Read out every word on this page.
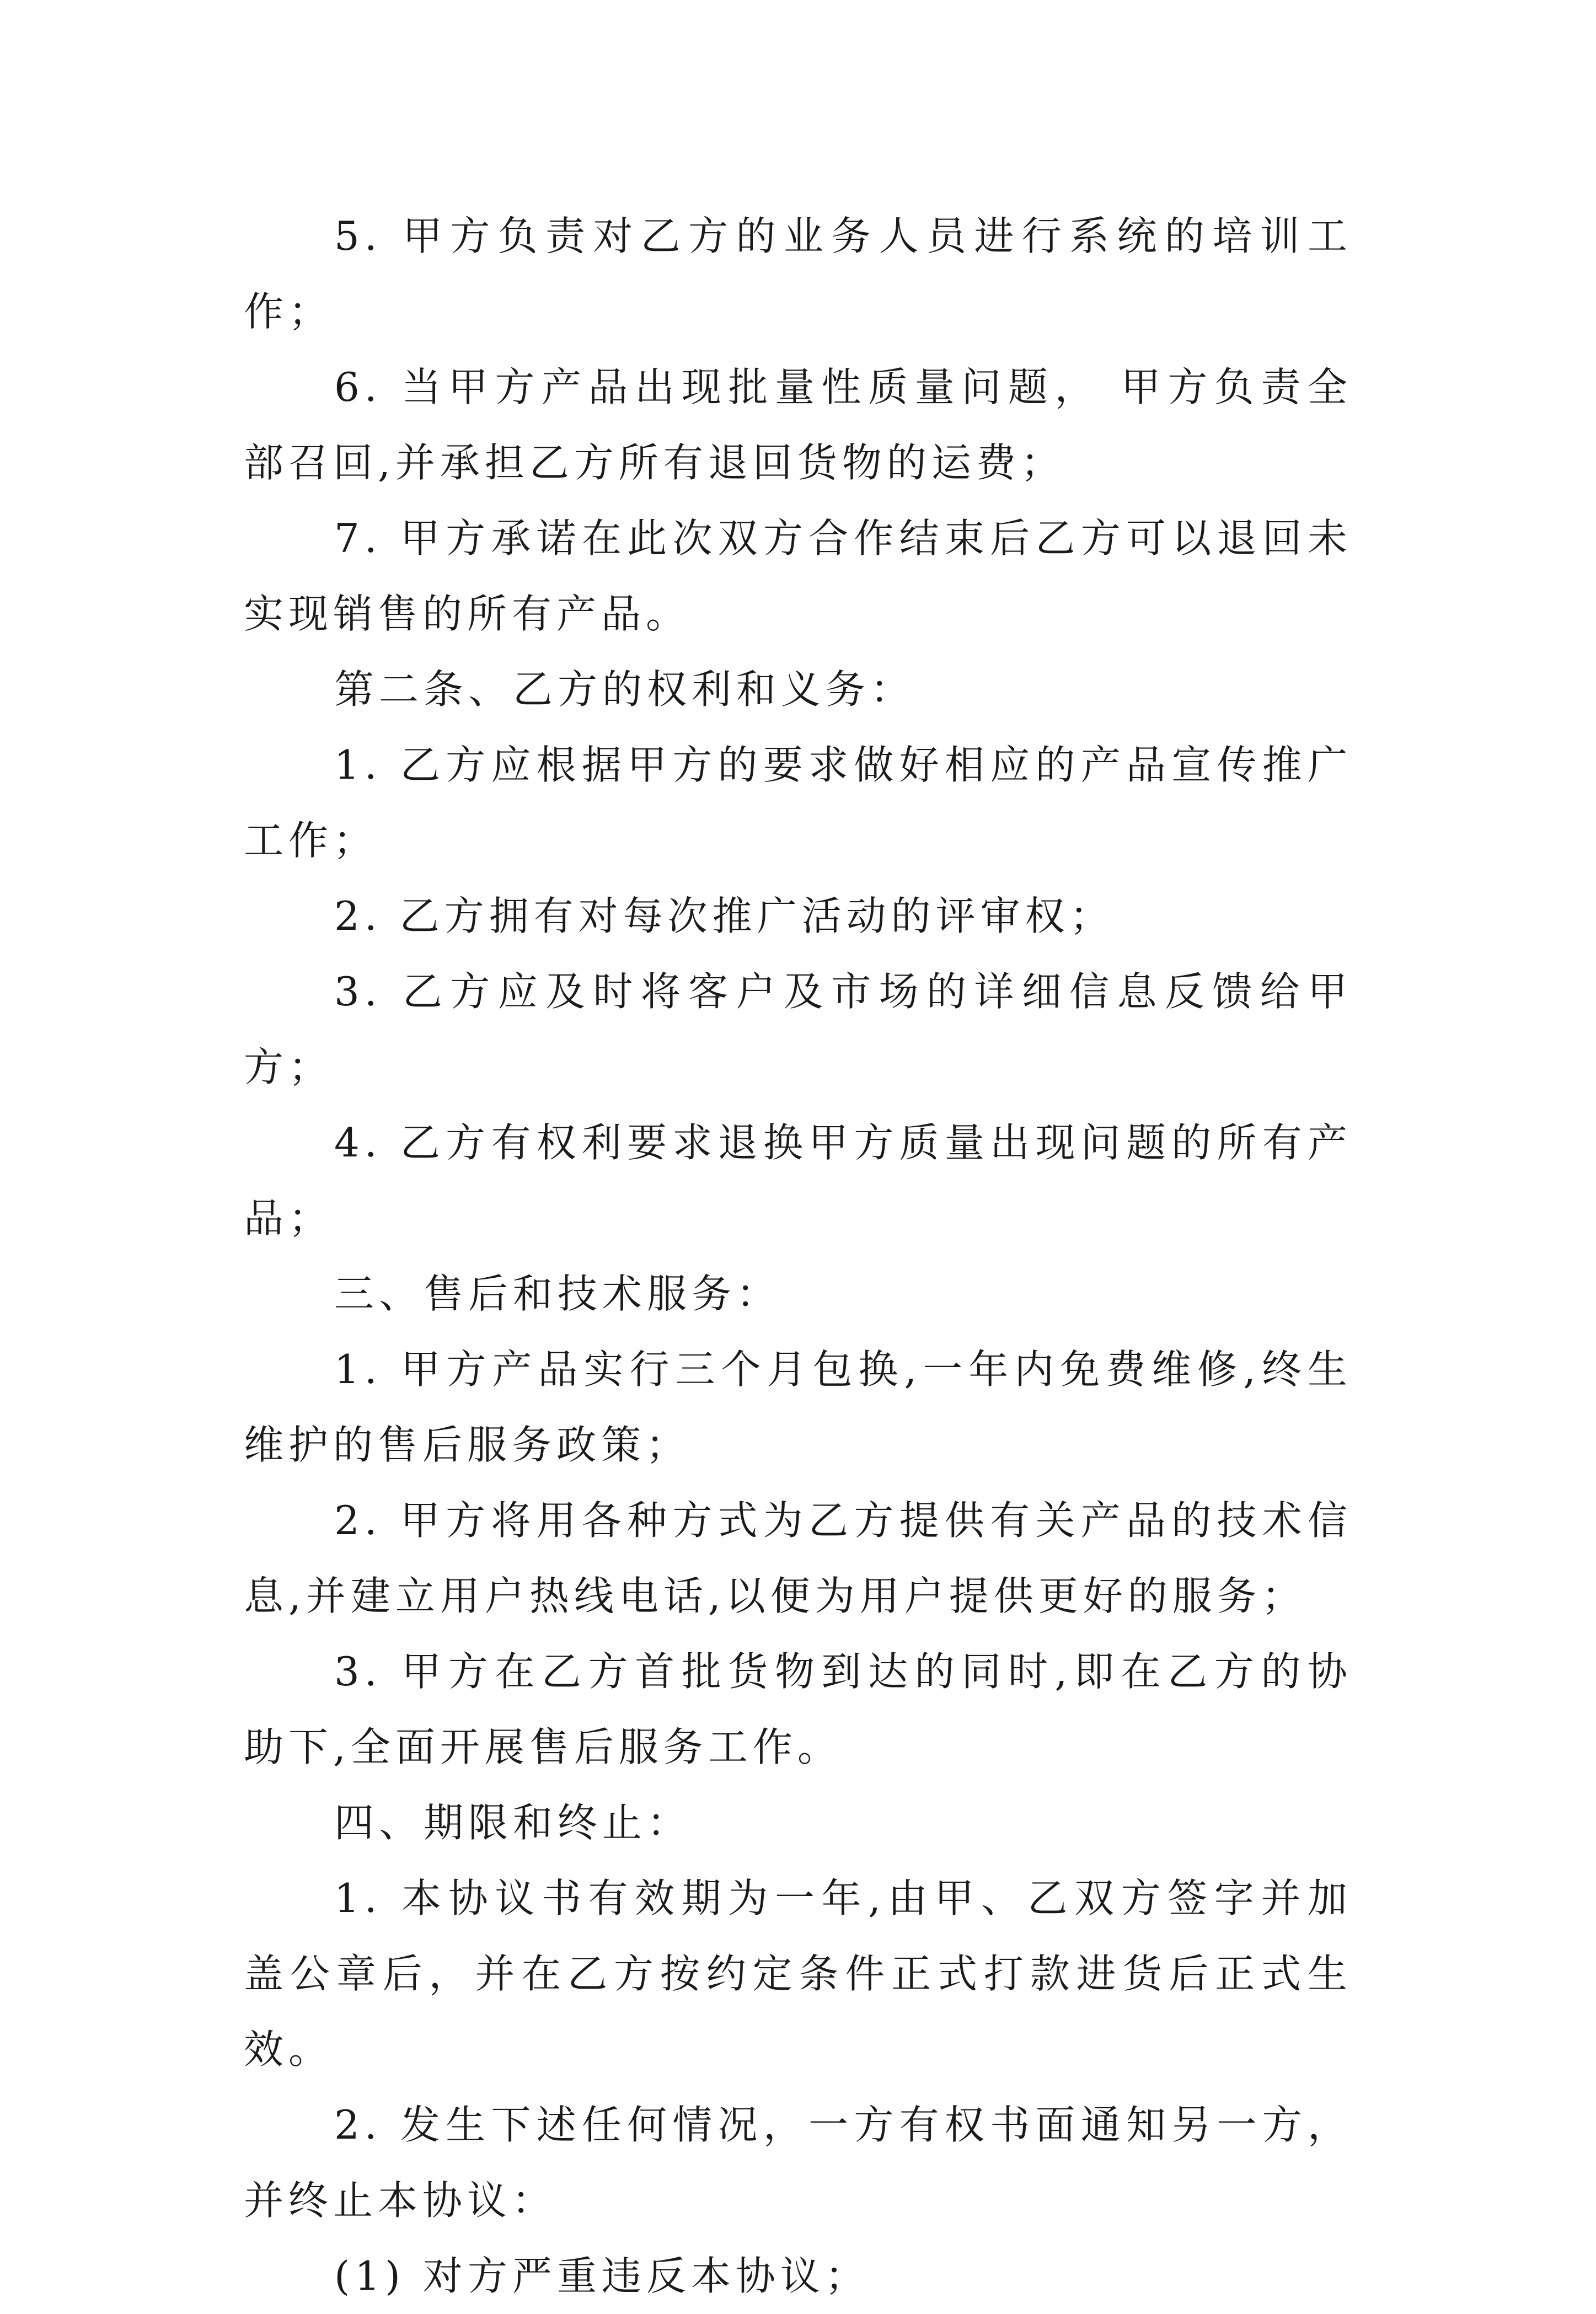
5. 甲方负责对乙方的业务人员进行系统的培训工作；

6. 当甲方产品出现批量性质量问题， 甲方负责全部召回,并承担乙方所有退回货物的运费；

7. 甲方承诺在此次双方合作结束后乙方可以退回未实现销售的所有产品。

第二条、乙方的权利和义务：

1. 乙方应根据甲方的要求做好相应的产品宣传推广工作；

2. 乙方拥有对每次推广活动的评审权；

3. 乙方应及时将客户及市场的详细信息反馈给甲方；

4. 乙方有权利要求退换甲方质量出现问题的所有产品；

三、售后和技术服务：

1. 甲方产品实行三个月包换,一年内免费维修,终生维护的售后服务政策；

2. 甲方将用各种方式为乙方提供有关产品的技术信息,并建立用户热线电话,以便为用户提供更好的服务；

3. 甲方在乙方首批货物到达的同时,即在乙方的协助下,全面开展售后服务工作。

四、期限和终止：

1. 本协议书有效期为一年,由甲、乙双方签字并加盖公章后，并在乙方按约定条件正式打款进货后正式生效。

2. 发生下述任何情况，一方有权书面通知另一方，并终止本协议：

(1) 对方严重违反本协议；
